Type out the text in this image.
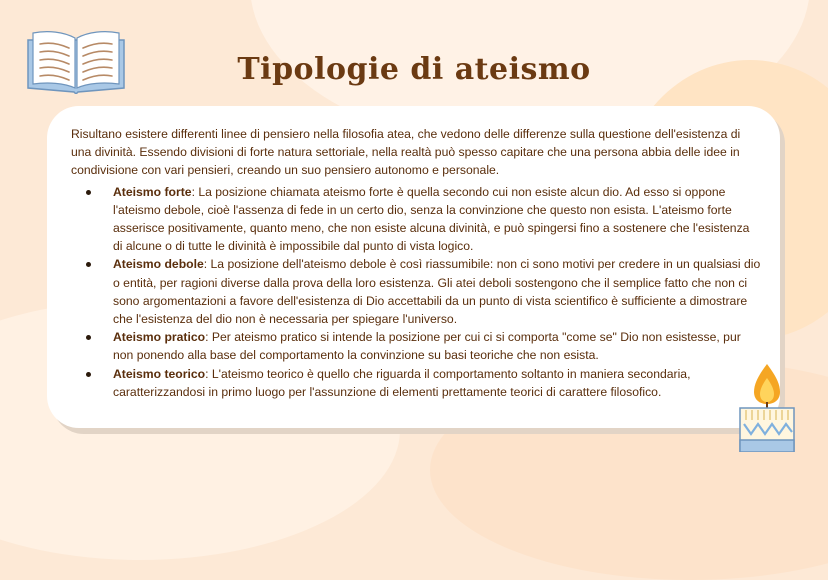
Tipologie di ateismo

Risultano esistere differenti linee di pensiero nella filosofia atea, che vedono delle differenze sulla questione dell'esistenza di una divinità. Essendo divisioni di forte natura settoriale, nella realtà può spesso capitare che una persona abbia delle idee in condivisione con vari pensieri, creando un suo pensiero autonomo e personale.

Ateismo forte: La posizione chiamata ateismo forte è quella secondo cui non esiste alcun dio. Ad esso si oppone l'ateismo debole, cioè l'assenza di fede in un certo dio, senza la convinzione che questo non esista. L'ateismo forte asserisce positivamente, quanto meno, che non esiste alcuna divinità, e può spingersi fino a sostenere che l'esistenza di alcune o di tutte le divinità è impossibile dal punto di vista logico.
Ateismo debole: La posizione dell'ateismo debole è così riassumibile: non ci sono motivi per credere in un qualsiasi dio o entità, per ragioni diverse dalla prova della loro esistenza. Gli atei deboli sostengono che il semplice fatto che non ci sono argomentazioni a favore dell'esistenza di Dio accettabili da un punto di vista scientifico è sufficiente a dimostrare che l'esistenza del dio non è necessaria per spiegare l'universo.
Ateismo pratico: Per ateismo pratico si intende la posizione per cui ci si comporta "come se" Dio non esistesse, pur non ponendo alla base del comportamento la convinzione su basi teoriche che non esista.
Ateismo teorico: L'ateismo teorico è quello che riguarda il comportamento soltanto in maniera secondaria, caratterizzandosi in primo luogo per l'assunzione di elementi prettamente teorici di carattere filosofico.
